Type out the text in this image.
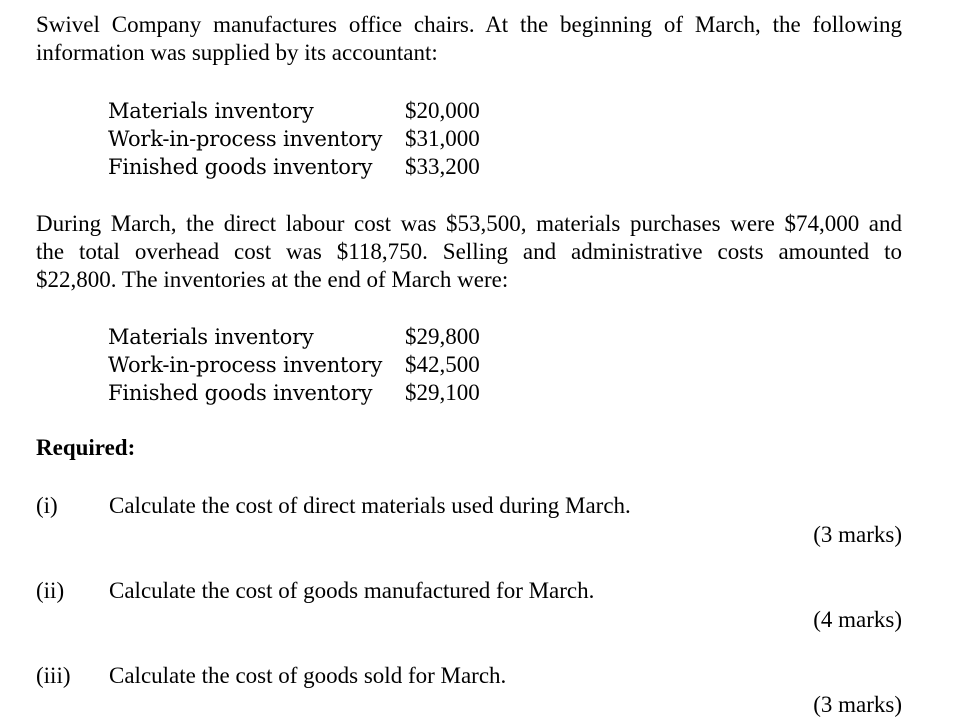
Swivel Company manufactures office chairs. At the beginning of March, the following
information was supplied by its accountant:
Materials inventory	$20,000
Work-in-process inventory $31,000
Finished goods inventory $33,200
During March, the direct labour cost was $53,500, materials purchases were $74,000 and
the total overhead cost was $118,750. Selling and administrative costs amounted to
$22,800. The inventories at the end of March were:
Materials inventory	$29,800
Work-in-process inventory $42,500
Finished goods inventory $29,100
Required:
(i) Calculate the cost of direct materials used during March.
(3 marks)
(ii) Calculate the cost of goods manufactured for March.
(4 marks)
(iii) Calculate the cost of goods sold for March.
(3 marks)
